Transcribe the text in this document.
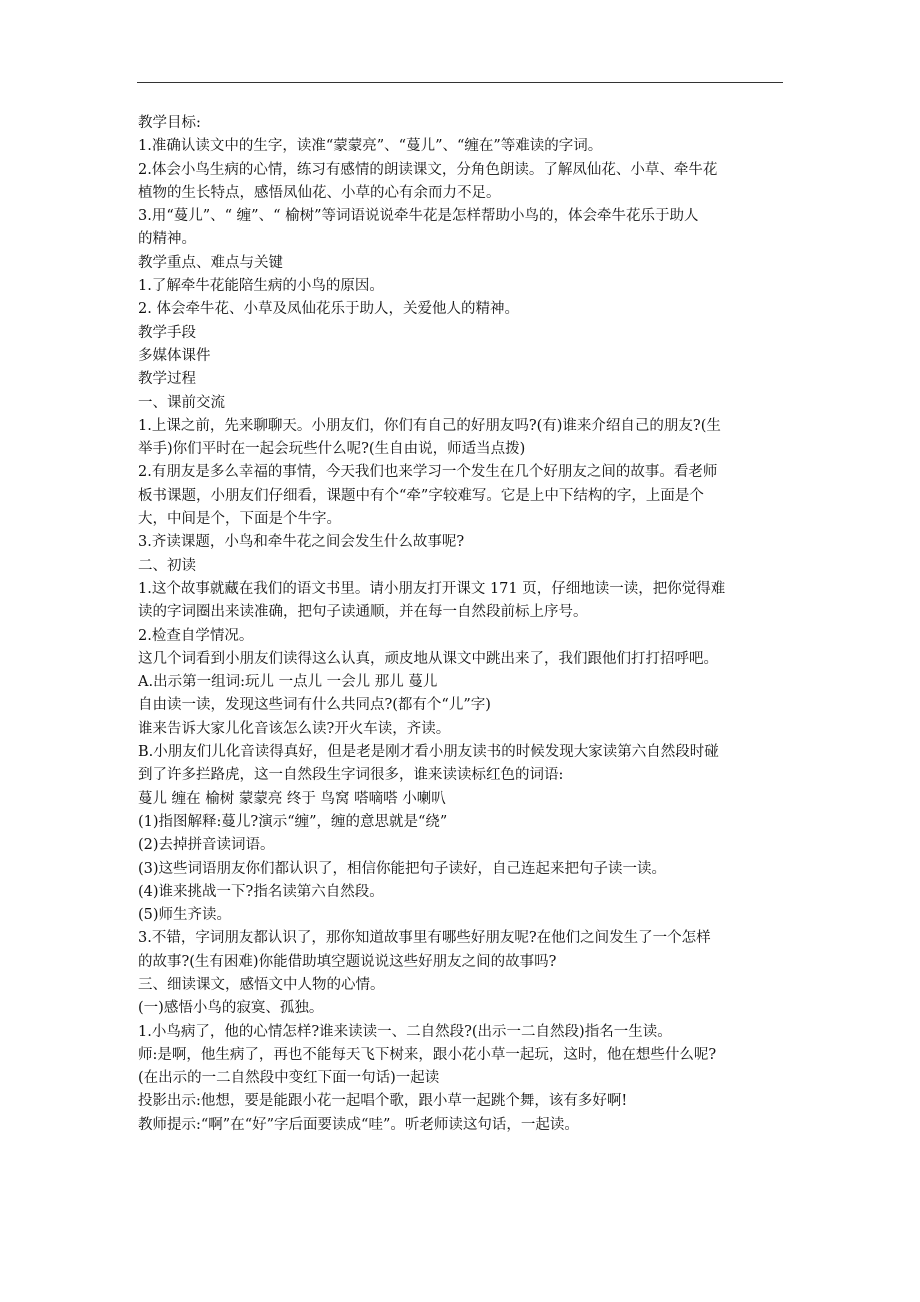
教学目标:

1.准确认读文中的生字，读准“蒙蒙亮”、“蔓儿”、“缠在”等难读的字词。

2.体会小鸟生病的心情，练习有感情的朗读课文，分角色朗读。了解凤仙花、小草、牵牛花

植物的生长特点，感悟凤仙花、小草的心有余而力不足。

3.用“蔓儿”、“ 缠”、“ 榆树”等词语说说牵牛花是怎样帮助小鸟的，体会牵牛花乐于助人

的精神。

教学重点、难点与关键

1.了解牵牛花能陪生病的小鸟的原因。

2. 体会牵牛花、小草及凤仙花乐于助人，关爱他人的精神。

教学手段

多媒体课件

教学过程

一、课前交流

1.上课之前，先来聊聊天。小朋友们，你们有自己的好朋友吗?(有)谁来介绍自己的朋友?(生

举手)你们平时在一起会玩些什么呢?(生自由说，师适当点拨)

2.有朋友是多么幸福的事情，今天我们也来学习一个发生在几个好朋友之间的故事。看老师

板书课题，小朋友们仔细看，课题中有个“牵”字较难写。它是上中下结构的字，上面是个

大，中间是个，下面是个牛字。

3.齐读课题，小鸟和牵牛花之间会发生什么故事呢?

二、初读

1.这个故事就藏在我们的语文书里。请小朋友打开课文 171 页，仔细地读一读，把你觉得难

读的字词圈出来读准确，把句子读通顺，并在每一自然段前标上序号。

2.检查自学情况。

这几个词看到小朋友们读得这么认真，顽皮地从课文中跳出来了，我们跟他们打打招呼吧。

A.出示第一组词:玩儿 一点儿 一会儿 那儿 蔓儿

自由读一读，发现这些词有什么共同点?(都有个“儿”字)

谁来告诉大家儿化音该怎么读?开火车读，齐读。

B.小朋友们儿化音读得真好，但是老是刚才看小朋友读书的时候发现大家读第六自然段时碰

到了许多拦路虎，这一自然段生字词很多，谁来读读标红色的词语:

蔓儿 缠在 榆树 蒙蒙亮 终于 鸟窝 嗒嘀嗒 小喇叭

(1)指图解释:蔓儿?演示“缠”，缠的意思就是“绕”

(2)去掉拼音读词语。

(3)这些词语朋友你们都认识了，相信你能把句子读好，自己连起来把句子读一读。

(4)谁来挑战一下?指名读第六自然段。

(5)师生齐读。

3.不错，字词朋友都认识了，那你知道故事里有哪些好朋友呢?在他们之间发生了一个怎样

的故事?(生有困难)你能借助填空题说说这些好朋友之间的故事吗?

三、细读课文，感悟文中人物的心情。

(一)感悟小鸟的寂寞、孤独。

1.小鸟病了，他的心情怎样?谁来读读一、二自然段?(出示一二自然段)指名一生读。

师:是啊，他生病了，再也不能每天飞下树来，跟小花小草一起玩，这时，他在想些什么呢?

(在出示的一二自然段中变红下面一句话)一起读

投影出示:他想，要是能跟小花一起唱个歌，跟小草一起跳个舞，该有多好啊!

教师提示:“啊”在“好”字后面要读成“哇”。听老师读这句话，一起读。
